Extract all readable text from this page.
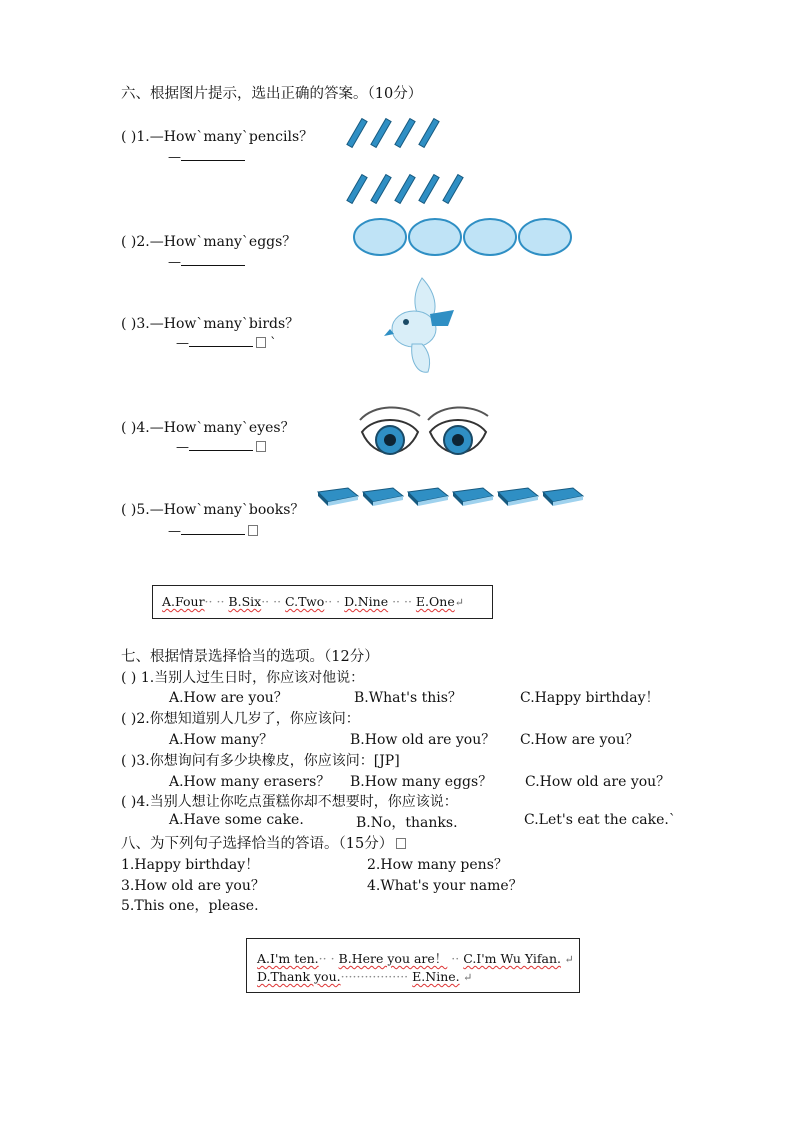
六、根据图片提示，选出正确的答案。（10分）
( )1.—How`many`pencils？
—
( )2.—How`many`eggs？
—
( )3.—How`many`birds？
—	`
( )4.—How`many`eyes？
—
( )5.—How`many`books？
—
A.Four·· ·· B.Six·· ·· C.Two·· · D.Nine ·· ·· E.One↵
七、根据情景选择恰当的选项。（12分）
( ) 1.当别人过生日时，你应该对他说：
A.How are you？	B.What's this？	C.Happy birthday！
( )2.你想知道别人几岁了，你应该问：
A.How many？	B.How old are you？ C.How are you？
( )3.你想询问有多少块橡皮，你应该问：[JP]
A.How many erasers？ B.How many eggs？ C.How old are you？
( )4.当别人想让你吃点蛋糕你却不想要时，你应该说：
A.Have some cake.	B.No，thanks.	C.Let's eat the cake.`
八、为下列句子选择恰当的答语。（15分）
1.Happy birthday！	2.How many pens？
3.How old are you？	4.What's your name？
5.This one，please.
A.I'm ten.·· · B.Here you are！ ·· C.I'm Wu Yifan. ↵
D.Thank you.················· E.Nine. ↵
